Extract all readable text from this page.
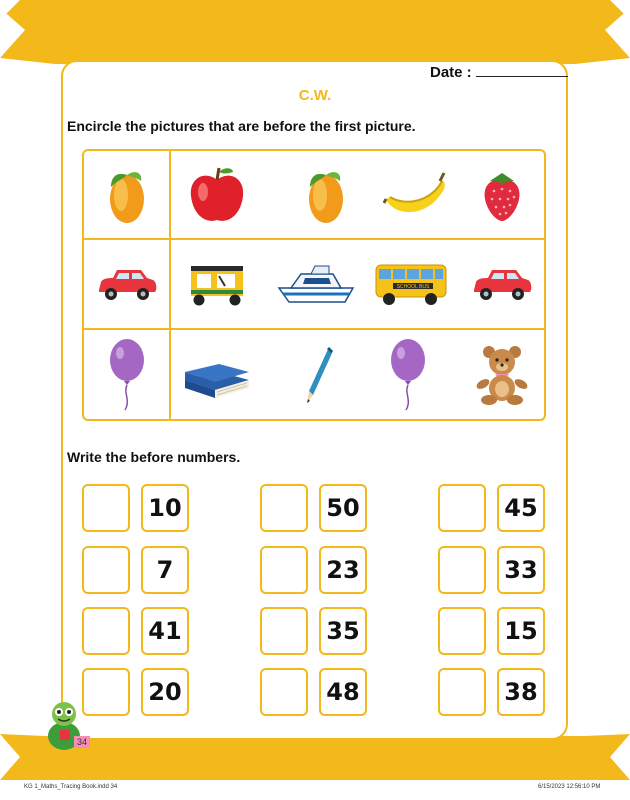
Date :
C.W.
Encircle the pictures that are before the first picture.
SCHOOL BUS
Write the before numbers.
10
7
41
20
50
23
35
48
45
33
15
38
34
KG 1_Maths_Tracing Book.indd 34	6/15/2023 12:56:10 PM
